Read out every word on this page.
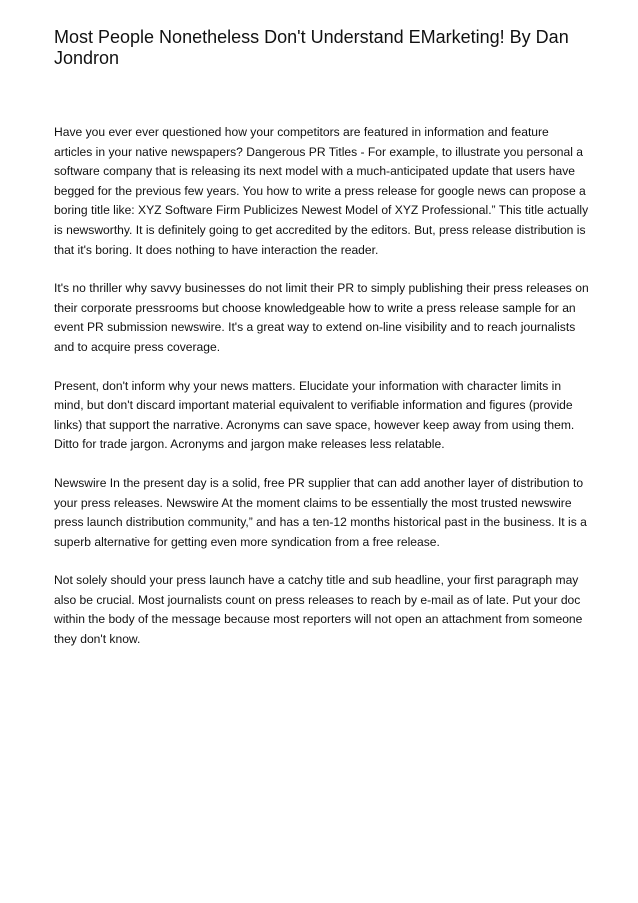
Most People Nonetheless Don't Understand EMarketing! By Dan Jondron

Have you ever ever questioned how your competitors are featured in information and feature articles in your native newspapers? Dangerous PR Titles - For example, to illustrate you personal a software company that is releasing its next model with a much-anticipated update that users have begged for the previous few years. You how to write a press release for google news can propose a boring title like: XYZ Software Firm Publicizes Newest Model of XYZ Professional.” This title actually is newsworthy. It is definitely going to get accredited by the editors. But, press release distribution is that it's boring. It does nothing to have interaction the reader.

It's no thriller why savvy businesses do not limit their PR to simply publishing their press releases on their corporate pressrooms but choose knowledgeable how to write a press release sample for an event PR submission newswire. It's a great way to extend on-line visibility and to reach journalists and to acquire press coverage.

Present, don't inform why your news matters. Elucidate your information with character limits in mind, but don't discard important material equivalent to verifiable information and figures (provide links) that support the narrative. Acronyms can save space, however keep away from using them. Ditto for trade jargon. Acronyms and jargon make releases less relatable.

Newswire In the present day is a solid, free PR supplier that can add another layer of distribution to your press releases. Newswire At the moment claims to be essentially the most trusted newswire press launch distribution community,” and has a ten-12 months historical past in the business. It is a superb alternative for getting even more syndication from a free release.

Not solely should your press launch have a catchy title and sub headline, your first paragraph may also be crucial. Most journalists count on press releases to reach by e-mail as of late. Put your doc within the body of the message because most reporters will not open an attachment from someone they don't know.
